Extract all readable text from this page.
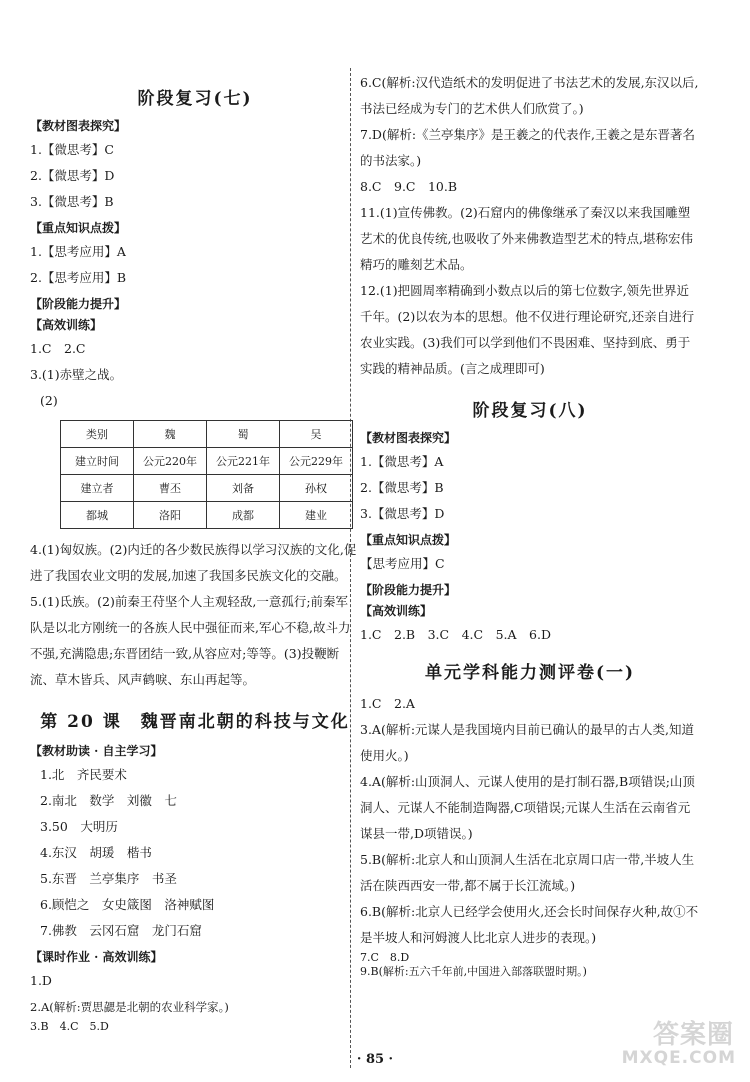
阶段复习(七)
【教材图表探究】
1.【微思考】C
2.【微思考】D
3.【微思考】B
【重点知识点拨】
1.【思考应用】A
2.【思考应用】B
【阶段能力提升】
【高效训练】
1.C　2.C
3.(1)赤壁之战。
(2)
类别	魏	蜀	吴
建立时间	公元220年	公元221年	公元229年
建立者	曹丕	刘备	孙权
都城	洛阳	成都	建业
4.(1)匈奴族。(2)内迁的各少数民族得以学习汉族的文化,促进了我国农业文明的发展,加速了我国多民族文化的交融。
5.(1)氐族。(2)前秦王苻坚个人主观轻敌,一意孤行;前秦军队是以北方刚统一的各族人民中强征而来,军心不稳,故斗力不强,充满隐患;东晋团结一致,从容应对;等等。(3)投鞭断流、草木皆兵、风声鹤唳、东山再起等。
第 20 课　魏晋南北朝的科技与文化
【教材助读 · 自主学习】
1.北　齐民要术
2.南北　数学　刘徽　七
3.50　大明历
4.东汉　胡瑗　楷书
5.东晋　兰亭集序　书圣
6.顾恺之　女史箴图　洛神赋图
7.佛教　云冈石窟　龙门石窟
【课时作业 · 高效训练】
1.D
2.A(解析:贾思勰是北朝的农业科学家。)
3.B　4.C　5.D
6.C(解析:汉代造纸术的发明促进了书法艺术的发展,东汉以后,书法已经成为专门的艺术供人们欣赏了。)
7.D(解析:《兰亭集序》是王羲之的代表作,王羲之是东晋著名的书法家。)
8.C　9.C　10.B
11.(1)宣传佛教。(2)石窟内的佛像继承了秦汉以来我国雕塑艺术的优良传统,也吸收了外来佛教造型艺术的特点,堪称宏伟精巧的雕刻艺术品。
12.(1)把圆周率精确到小数点以后的第七位数字,领先世界近千年。(2)以农为本的思想。他不仅进行理论研究,还亲自进行农业实践。(3)我们可以学到他们不畏困难、坚持到底、勇于实践的精神品质。(言之成理即可)
阶段复习(八)
【教材图表探究】
1.【微思考】A
2.【微思考】B
3.【微思考】D
【重点知识点拨】
【思考应用】C
【阶段能力提升】
【高效训练】
1.C　2.B　3.C　4.C　5.A　6.D
单元学科能力测评卷(一)
1.C　2.A
3.A(解析:元谋人是我国境内目前已确认的最早的古人类,知道使用火。)
4.A(解析:山顶洞人、元谋人使用的是打制石器,B项错误;山顶洞人、元谋人不能制造陶器,C项错误;元谋人生活在云南省元谋县一带,D项错误。)
5.B(解析:北京人和山顶洞人生活在北京周口店一带,半坡人生活在陕西西安一带,都不属于长江流域。)
6.B(解析:北京人已经学会使用火,还会长时间保存火种,故①不是半坡人和河姆渡人比北京人进步的表现。)
7.C　8.D
9.B(解析:五六千年前,中国进入部落联盟时期。)
· 85 ·
答案圈
MXQE.COM
